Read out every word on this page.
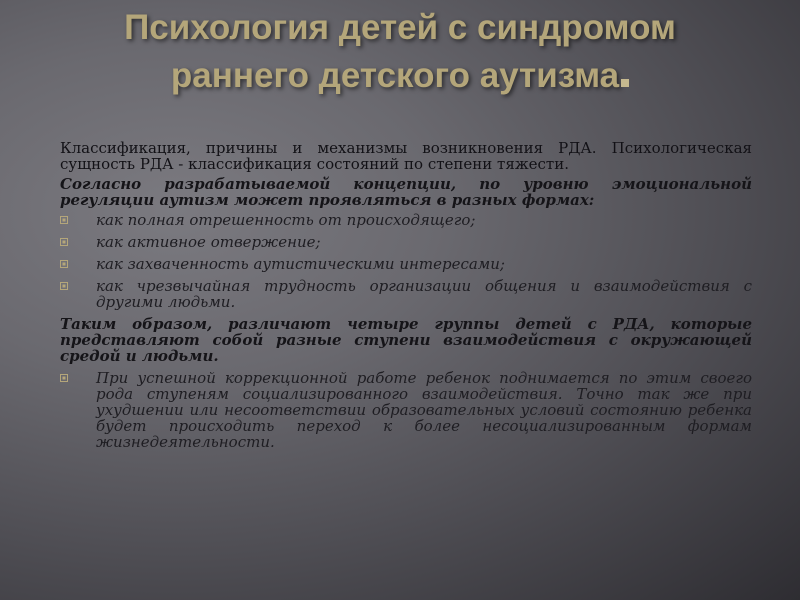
Психология детей с синдромом
раннего детского аутизма

Классификация, причины и механизмы возникновения РДА. Психологическая сущность РДА - классификация состояний по степени тяжести.

Согласно разрабатываемой концепции, по уровню эмоциональной регуляции аутизм может проявляться в разных формах:

как полная отрешенность от происходящего;
как активное отвержение;
как захваченность аутистическими интересами;
как чрезвычайная трудность организации общения и взаимодействия с другими людьми.

Таким образом, различают четыре группы детей с РДА, которые представляют собой разные ступени взаимодействия с окружающей средой и людьми.

При успешной коррекционной работе ребенок поднимается по этим своего рода ступеням социализированного взаимодействия. Точно так же при ухудшении или несоответствии образовательных условий состоянию ребенка будет происходить переход к более несоциализированным формам жизнедеятельности.
